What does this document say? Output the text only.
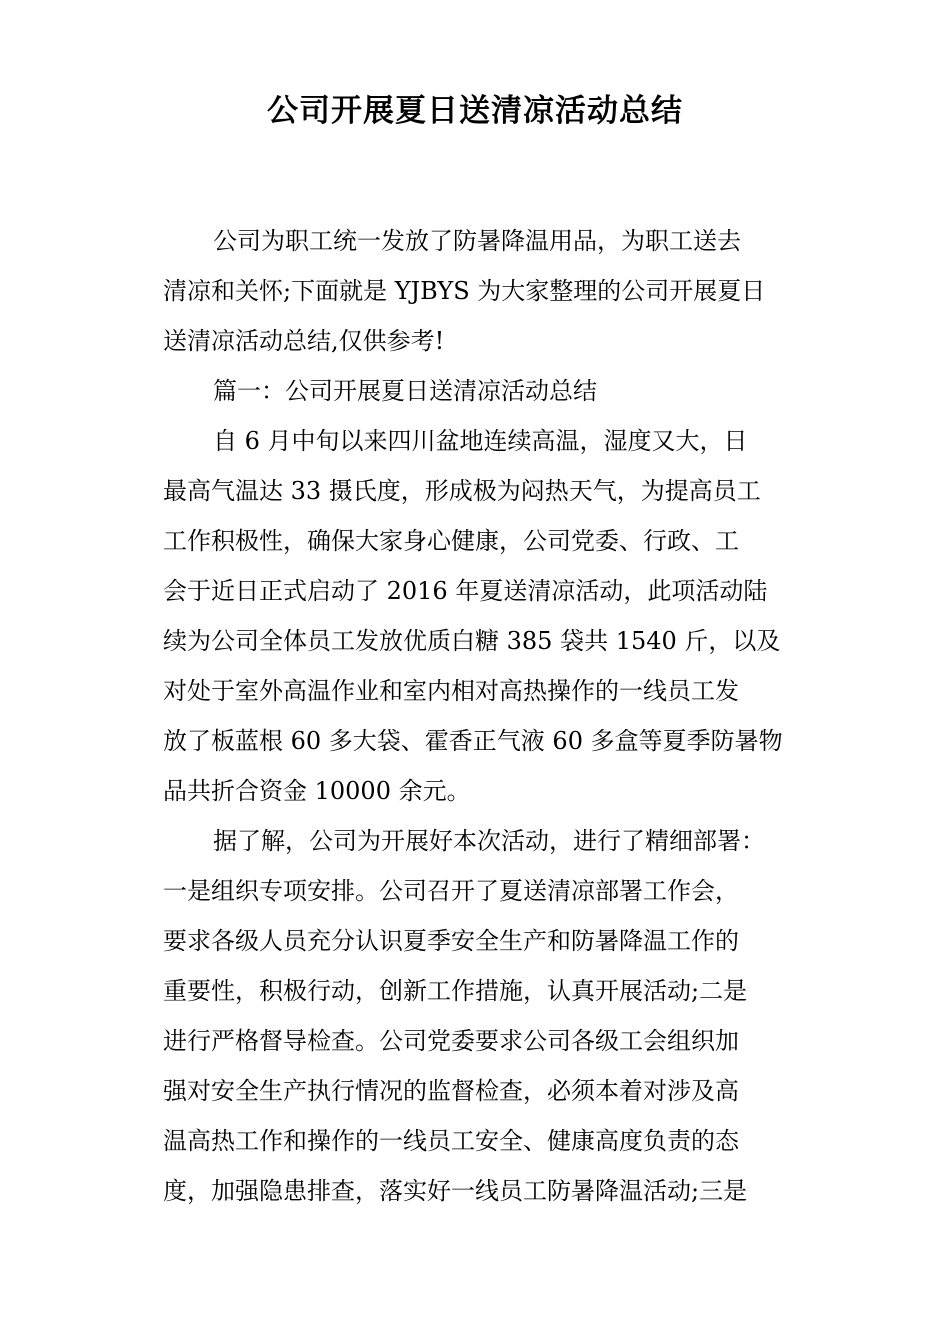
公司开展夏日送清凉活动总结
公司为职工统一发放了防暑降温用品，为职工送去
清凉和关怀;下面就是 YJBYS 为大家整理的公司开展夏日
送清凉活动总结,仅供参考!
篇一：公司开展夏日送清凉活动总结
自 6 月中旬以来四川盆地连续高温，湿度又大，日
最高气温达 33 摄氏度，形成极为闷热天气，为提高员工
工作积极性，确保大家身心健康，公司党委、行政、工
会于近日正式启动了 2016 年夏送清凉活动，此项活动陆
续为公司全体员工发放优质白糖 385 袋共 1540 斤，以及
对处于室外高温作业和室内相对高热操作的一线员工发
放了板蓝根 60 多大袋、霍香正气液 60 多盒等夏季防暑物
品共折合资金 10000 余元。
据了解，公司为开展好本次活动，进行了精细部署：
一是组织专项安排。公司召开了夏送清凉部署工作会，
要求各级人员充分认识夏季安全生产和防暑降温工作的
重要性，积极行动，创新工作措施，认真开展活动;二是
进行严格督导检查。公司党委要求公司各级工会组织加
强对安全生产执行情况的监督检查，必须本着对涉及高
温高热工作和操作的一线员工安全、健康高度负责的态
度，加强隐患排查，落实好一线员工防暑降温活动;三是
